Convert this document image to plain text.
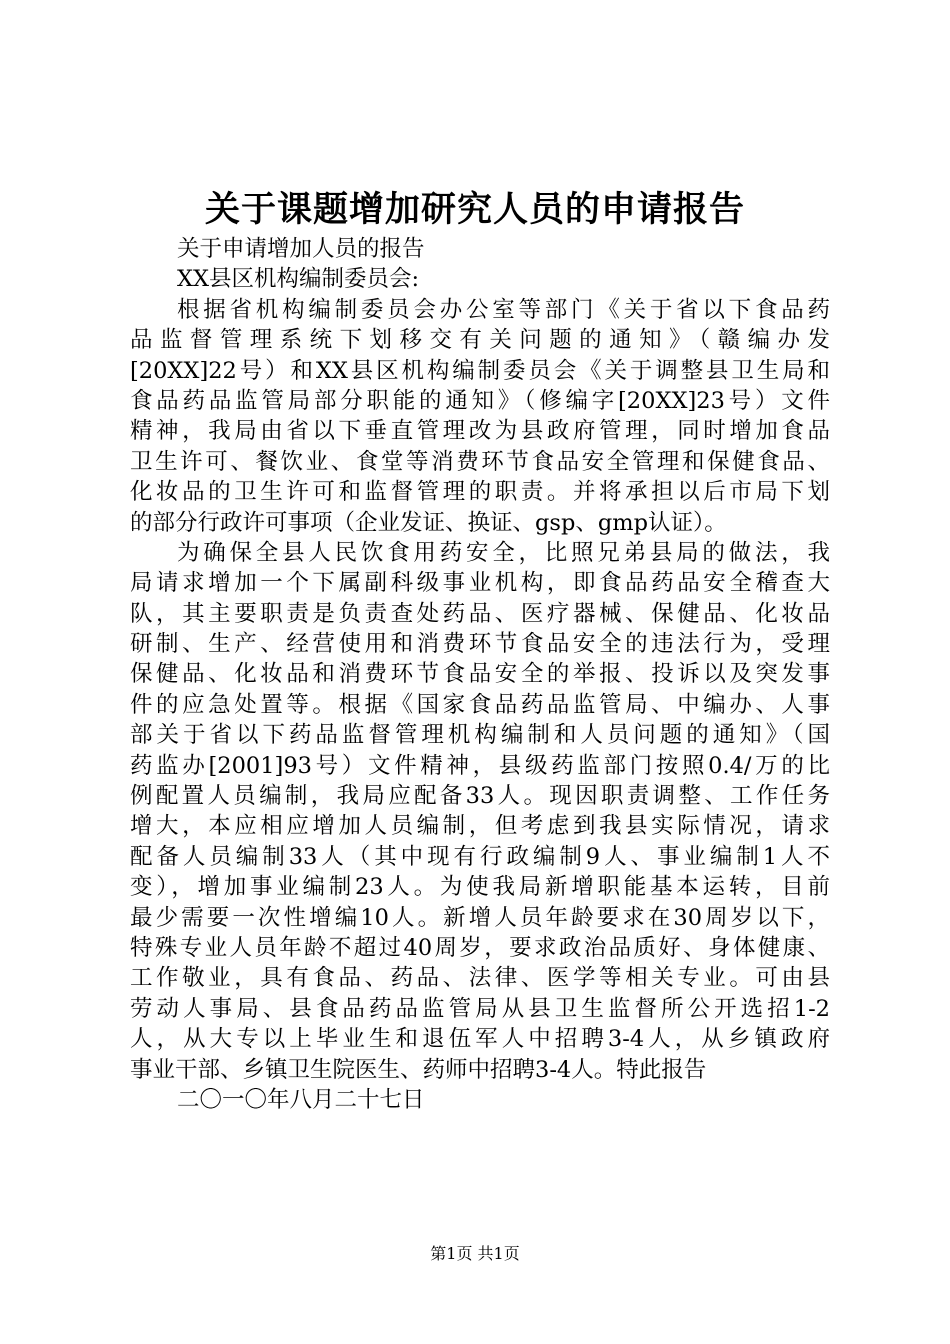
关于课题增加研究人员的申请报告
关于申请增加人员的报告
XX县区机构编制委员会:
根据省机构编制委员会办公室等部门《关于省以下食品药
品监督管理系统下划移交有关问题的通知》（赣编办发
[20XX]22号）和XX县区机构编制委员会《关于调整县卫生局和
食品药品监管局部分职能的通知》（修编字[20XX]23号）文件
精神，我局由省以下垂直管理改为县政府管理，同时增加食品
卫生许可、餐饮业、食堂等消费环节食品安全管理和保健食品、
化妆品的卫生许可和监督管理的职责。并将承担以后市局下划
的部分行政许可事项（企业发证、换证、gsp、gmp认证）。
为确保全县人民饮食用药安全，比照兄弟县局的做法，我
局请求增加一个下属副科级事业机构，即食品药品安全稽查大
队，其主要职责是负责查处药品、医疗器械、保健品、化妆品
研制、生产、经营使用和消费环节食品安全的违法行为，受理
保健品、化妆品和消费环节食品安全的举报、投诉以及突发事
件的应急处置等。根据《国家食品药品监管局、中编办、人事
部关于省以下药品监督管理机构编制和人员问题的通知》（国
药监办[2001]93号）文件精神，县级药监部门按照0.4/万的比
例配置人员编制，我局应配备33人。现因职责调整、工作任务
增大，本应相应增加人员编制，但考虑到我县实际情况，请求
配备人员编制33人（其中现有行政编制9人、事业编制1人不
变），增加事业编制23人。为使我局新增职能基本运转，目前
最少需要一次性增编10人。新增人员年龄要求在30周岁以下，
特殊专业人员年龄不超过40周岁，要求政治品质好、身体健康、
工作敬业，具有食品、药品、法律、医学等相关专业。可由县
劳动人事局、县食品药品监管局从县卫生监督所公开选招1-2
人，从大专以上毕业生和退伍军人中招聘3-4人，从乡镇政府
事业干部、乡镇卫生院医生、药师中招聘3-4人。特此报告
二〇一〇年八月二十七日
第1页 共1页
